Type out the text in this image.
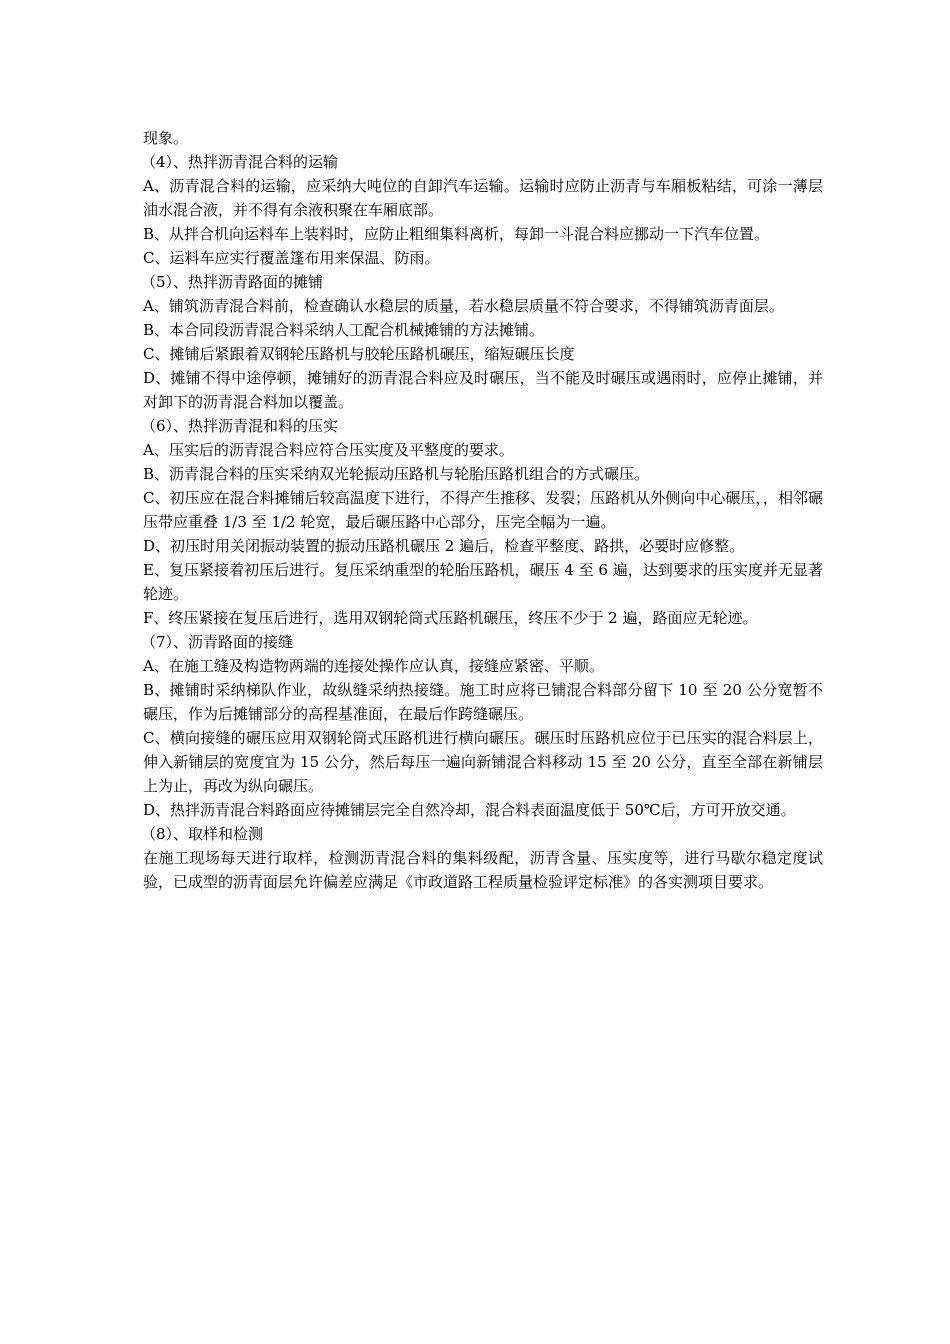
现象。

（4）、热拌沥青混合料的运输

A、沥青混合料的运输，应采纳大吨位的自卸汽车运输。运输时应防止沥青与车厢板粘结，可涂一薄层油水混合液，并不得有余液积聚在车厢底部。

B、从拌合机向运料车上装料时，应防止粗细集料离析，每卸一斗混合料应挪动一下汽车位置。

C、运料车应实行覆盖篷布用来保温、防雨。

（5）、热拌沥青路面的摊铺

A、铺筑沥青混合料前，检查确认水稳层的质量，若水稳层质量不符合要求，不得铺筑沥青面层。

B、本合同段沥青混合料采纳人工配合机械摊铺的方法摊铺。

C、摊铺后紧跟着双钢轮压路机与胶轮压路机碾压，缩短碾压长度

D、摊铺不得中途停顿，摊铺好的沥青混合料应及时碾压，当不能及时碾压或遇雨时，应停止摊铺，并对卸下的沥青混合料加以覆盖。

（6）、热拌沥青混和料的压实

A、压实后的沥青混合料应符合压实度及平整度的要求。

B、沥青混合料的压实采纳双光轮振动压路机与轮胎压路机组合的方式碾压。

C、初压应在混合料摊铺后较高温度下进行，不得产生推移、发裂；压路机从外侧向中心碾压，，相邻碾压带应重叠 1/3 至 1/2 轮宽，最后碾压路中心部分，压完全幅为一遍。

D、初压时用关闭振动装置的振动压路机碾压 2 遍后，检查平整度、路拱，必要时应修整。

E、复压紧接着初压后进行。复压采纳重型的轮胎压路机，碾压 4 至 6 遍，达到要求的压实度并无显著轮迹。

F、终压紧接在复压后进行，选用双钢轮筒式压路机碾压，终压不少于 2 遍，路面应无轮迹。

（7）、沥青路面的接缝

A、在施工缝及构造物两端的连接处操作应认真，接缝应紧密、平顺。

B、摊铺时采纳梯队作业，故纵缝采纳热接缝。施工时应将已铺混合料部分留下 10 至 20 公分宽暂不碾压，作为后摊铺部分的高程基准面，在最后作跨缝碾压。

C、横向接缝的碾压应用双钢轮筒式压路机进行横向碾压。碾压时压路机应位于已压实的混合料层上，伸入新铺层的宽度宜为 15 公分，然后每压一遍向新铺混合料移动 15 至 20 公分，直至全部在新铺层上为止，再改为纵向碾压。

D、热拌沥青混合料路面应待摊铺层完全自然冷却，混合料表面温度低于 50℃后，方可开放交通。

（8）、取样和检测

在施工现场每天进行取样，检测沥青混合料的集料级配，沥青含量、压实度等，进行马歇尔稳定度试验，已成型的沥青面层允许偏差应满足《市政道路工程质量检验评定标准》的各实测项目要求。
